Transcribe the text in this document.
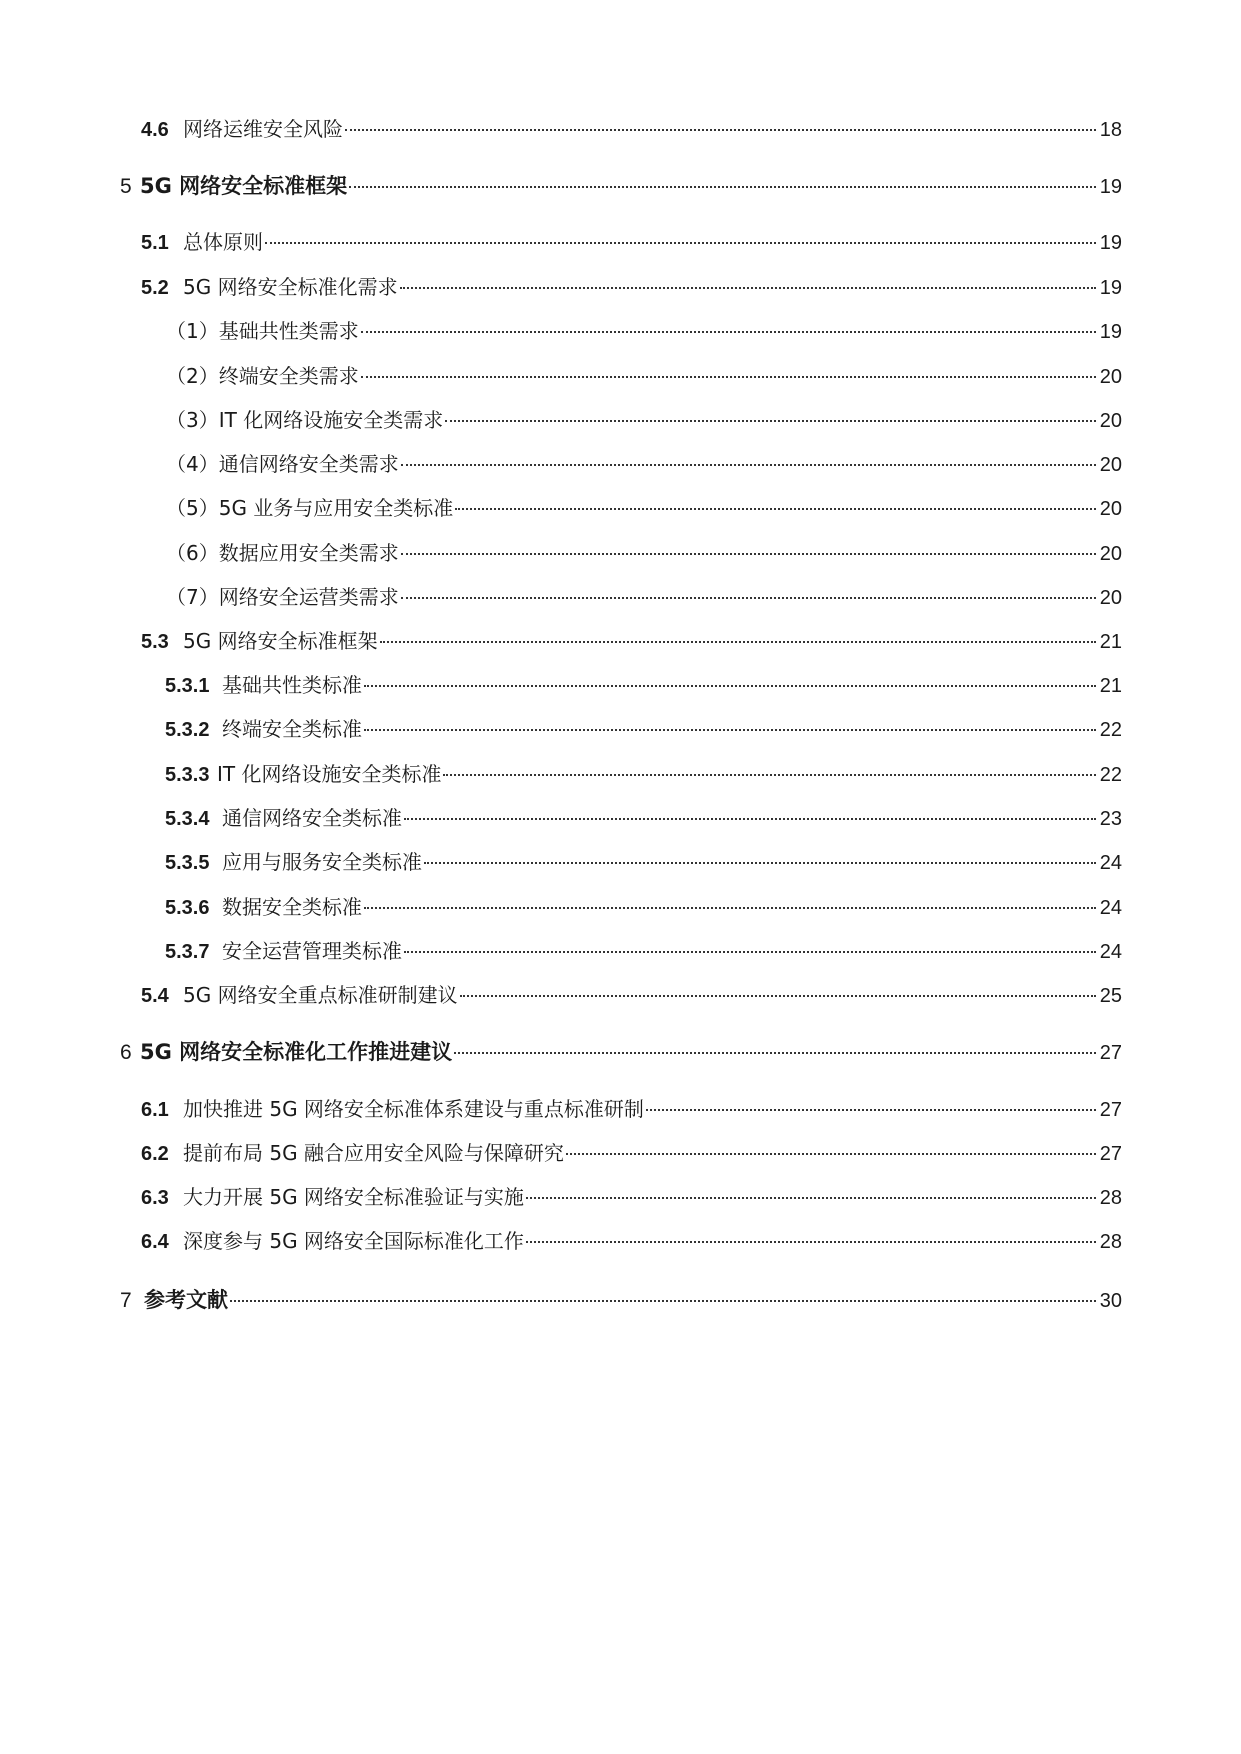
4.6 网络运维安全风险	18
5 5G 网络安全标准框架	19
5.1 总体原则	19
5.2 5G 网络安全标准化需求	19
（1）基础共性类需求	19
（2）终端安全类需求	20
（3）IT 化网络设施安全类需求	20
（4）通信网络安全类需求	20
（5）5G 业务与应用安全类标准	20
（6）数据应用安全类需求	20
（7）网络安全运营类需求	20
5.3 5G 网络安全标准框架	21
5.3.1 基础共性类标准	21
5.3.2 终端安全类标准	22
5.3.3 IT 化网络设施安全类标准	22
5.3.4 通信网络安全类标准	23
5.3.5 应用与服务安全类标准	24
5.3.6 数据安全类标准	24
5.3.7 安全运营管理类标准	24
5.4 5G 网络安全重点标准研制建议	25
6 5G 网络安全标准化工作推进建议	27
6.1 加快推进 5G 网络安全标准体系建设与重点标准研制	27
6.2 提前布局 5G 融合应用安全风险与保障研究	27
6.3 大力开展 5G 网络安全标准验证与实施	28
6.4 深度参与 5G 网络安全国际标准化工作	28
7 参考文献	30
